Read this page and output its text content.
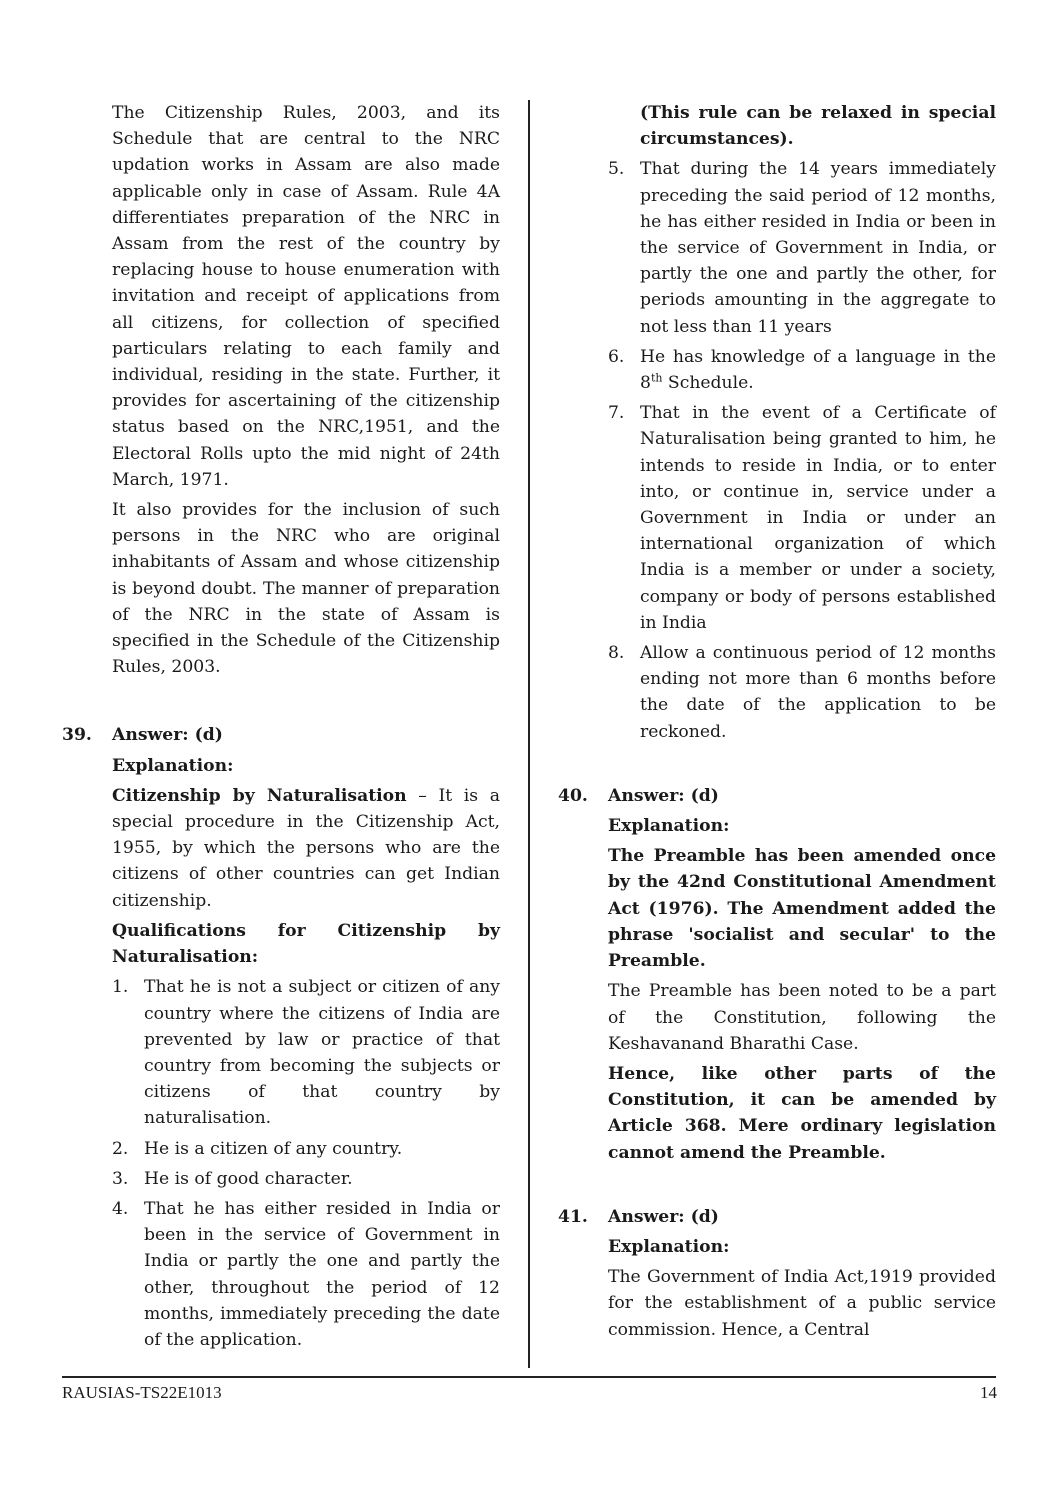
The Citizenship Rules, 2003, and its Schedule that are central to the NRC updation works in Assam are also made applicable only in case of Assam. Rule 4A differentiates preparation of the NRC in Assam from the rest of the country by replacing house to house enumeration with invitation and receipt of applications from all citizens, for collection of specified particulars relating to each family and individual, residing in the state. Further, it provides for ascertaining of the citizenship status based on the NRC,1951, and the Electoral Rolls upto the mid night of 24th March, 1971.

It also provides for the inclusion of such persons in the NRC who are original inhabitants of Assam and whose citizenship is beyond doubt. The manner of preparation of the NRC in the state of Assam is specified in the Schedule of the Citizenship Rules, 2003.

39.	Answer: (d)

Explanation:

Citizenship by Naturalisation – It is a special procedure in the Citizenship Act, 1955, by which the persons who are the citizens of other countries can get Indian citizenship.

Qualifications for Citizenship by Naturalisation:

1. That he is not a subject or citizen of any country where the citizens of India are prevented by law or practice of that country from becoming the subjects or citizens of that country by naturalisation.

2. He is a citizen of any country.

3. He is of good character.

4. That he has either resided in India or been in the service of Government in India or partly the one and partly the other, throughout the period of 12 months, immediately preceding the date of the application.

(This rule can be relaxed in special circumstances).

5. That during the 14 years immediately preceding the said period of 12 months, he has either resided in India or been in the service of Government in India, or partly the one and partly the other, for periods amounting in the aggregate to not less than 11 years

6. He has knowledge of a language in the 8th Schedule.

7. That in the event of a Certificate of Naturalisation being granted to him, he intends to reside in India, or to enter into, or continue in, service under a Government in India or under an international organization of which India is a member or under a society, company or body of persons established in India

8. Allow a continuous period of 12 months ending not more than 6 months before the date of the application to be reckoned.

40.	Answer: (d)

Explanation:

The Preamble has been amended once by the 42nd Constitutional Amendment Act (1976). The Amendment added the phrase 'socialist and secular' to the Preamble.

The Preamble has been noted to be a part of the Constitution, following the Keshavanand Bharathi Case.

Hence, like other parts of the Constitution, it can be amended by Article 368. Mere ordinary legislation cannot amend the Preamble.

41.	Answer: (d)

Explanation:

The Government of India Act,1919 provided for the establishment of a public service commission. Hence, a Central

RAUSIAS-TS22E1013	14
